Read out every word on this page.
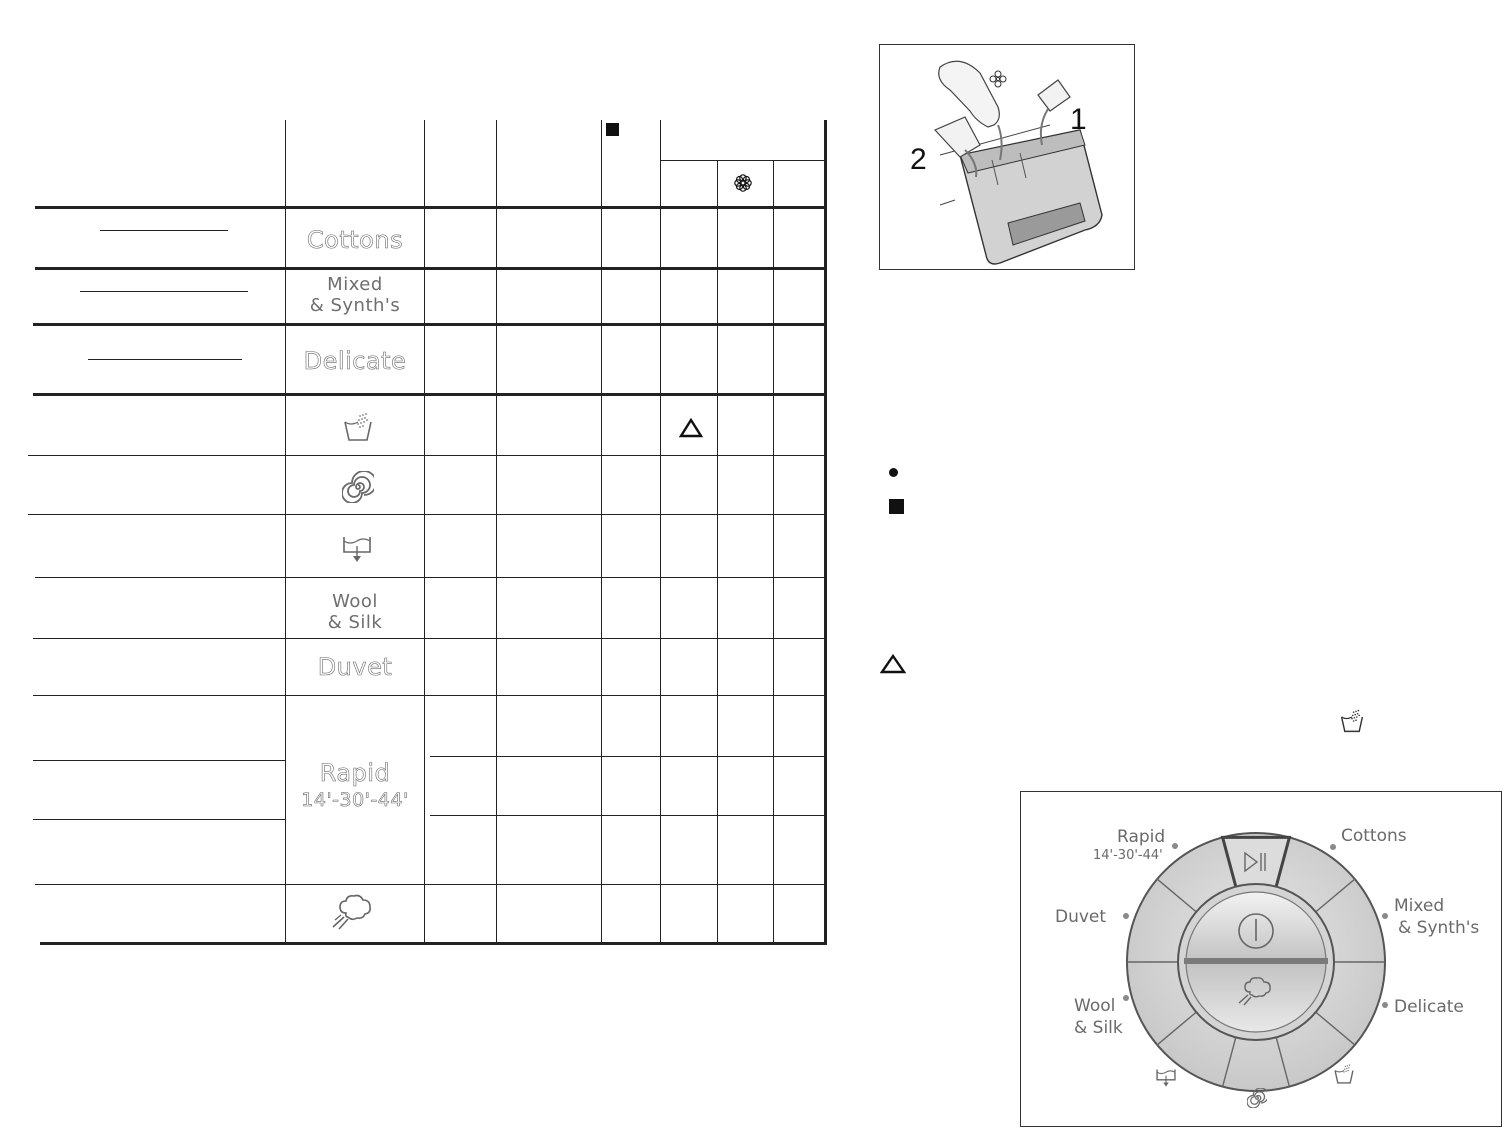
Cottons
Mixed
& Synth's
Delicate
Wool
& Silk
Duvet
Rapid
14'-30'-44'
1
2
Rapid
14'-30'-44'
Cottons
Duvet
Mixed
& Synth's
Wool
& Silk
Delicate
